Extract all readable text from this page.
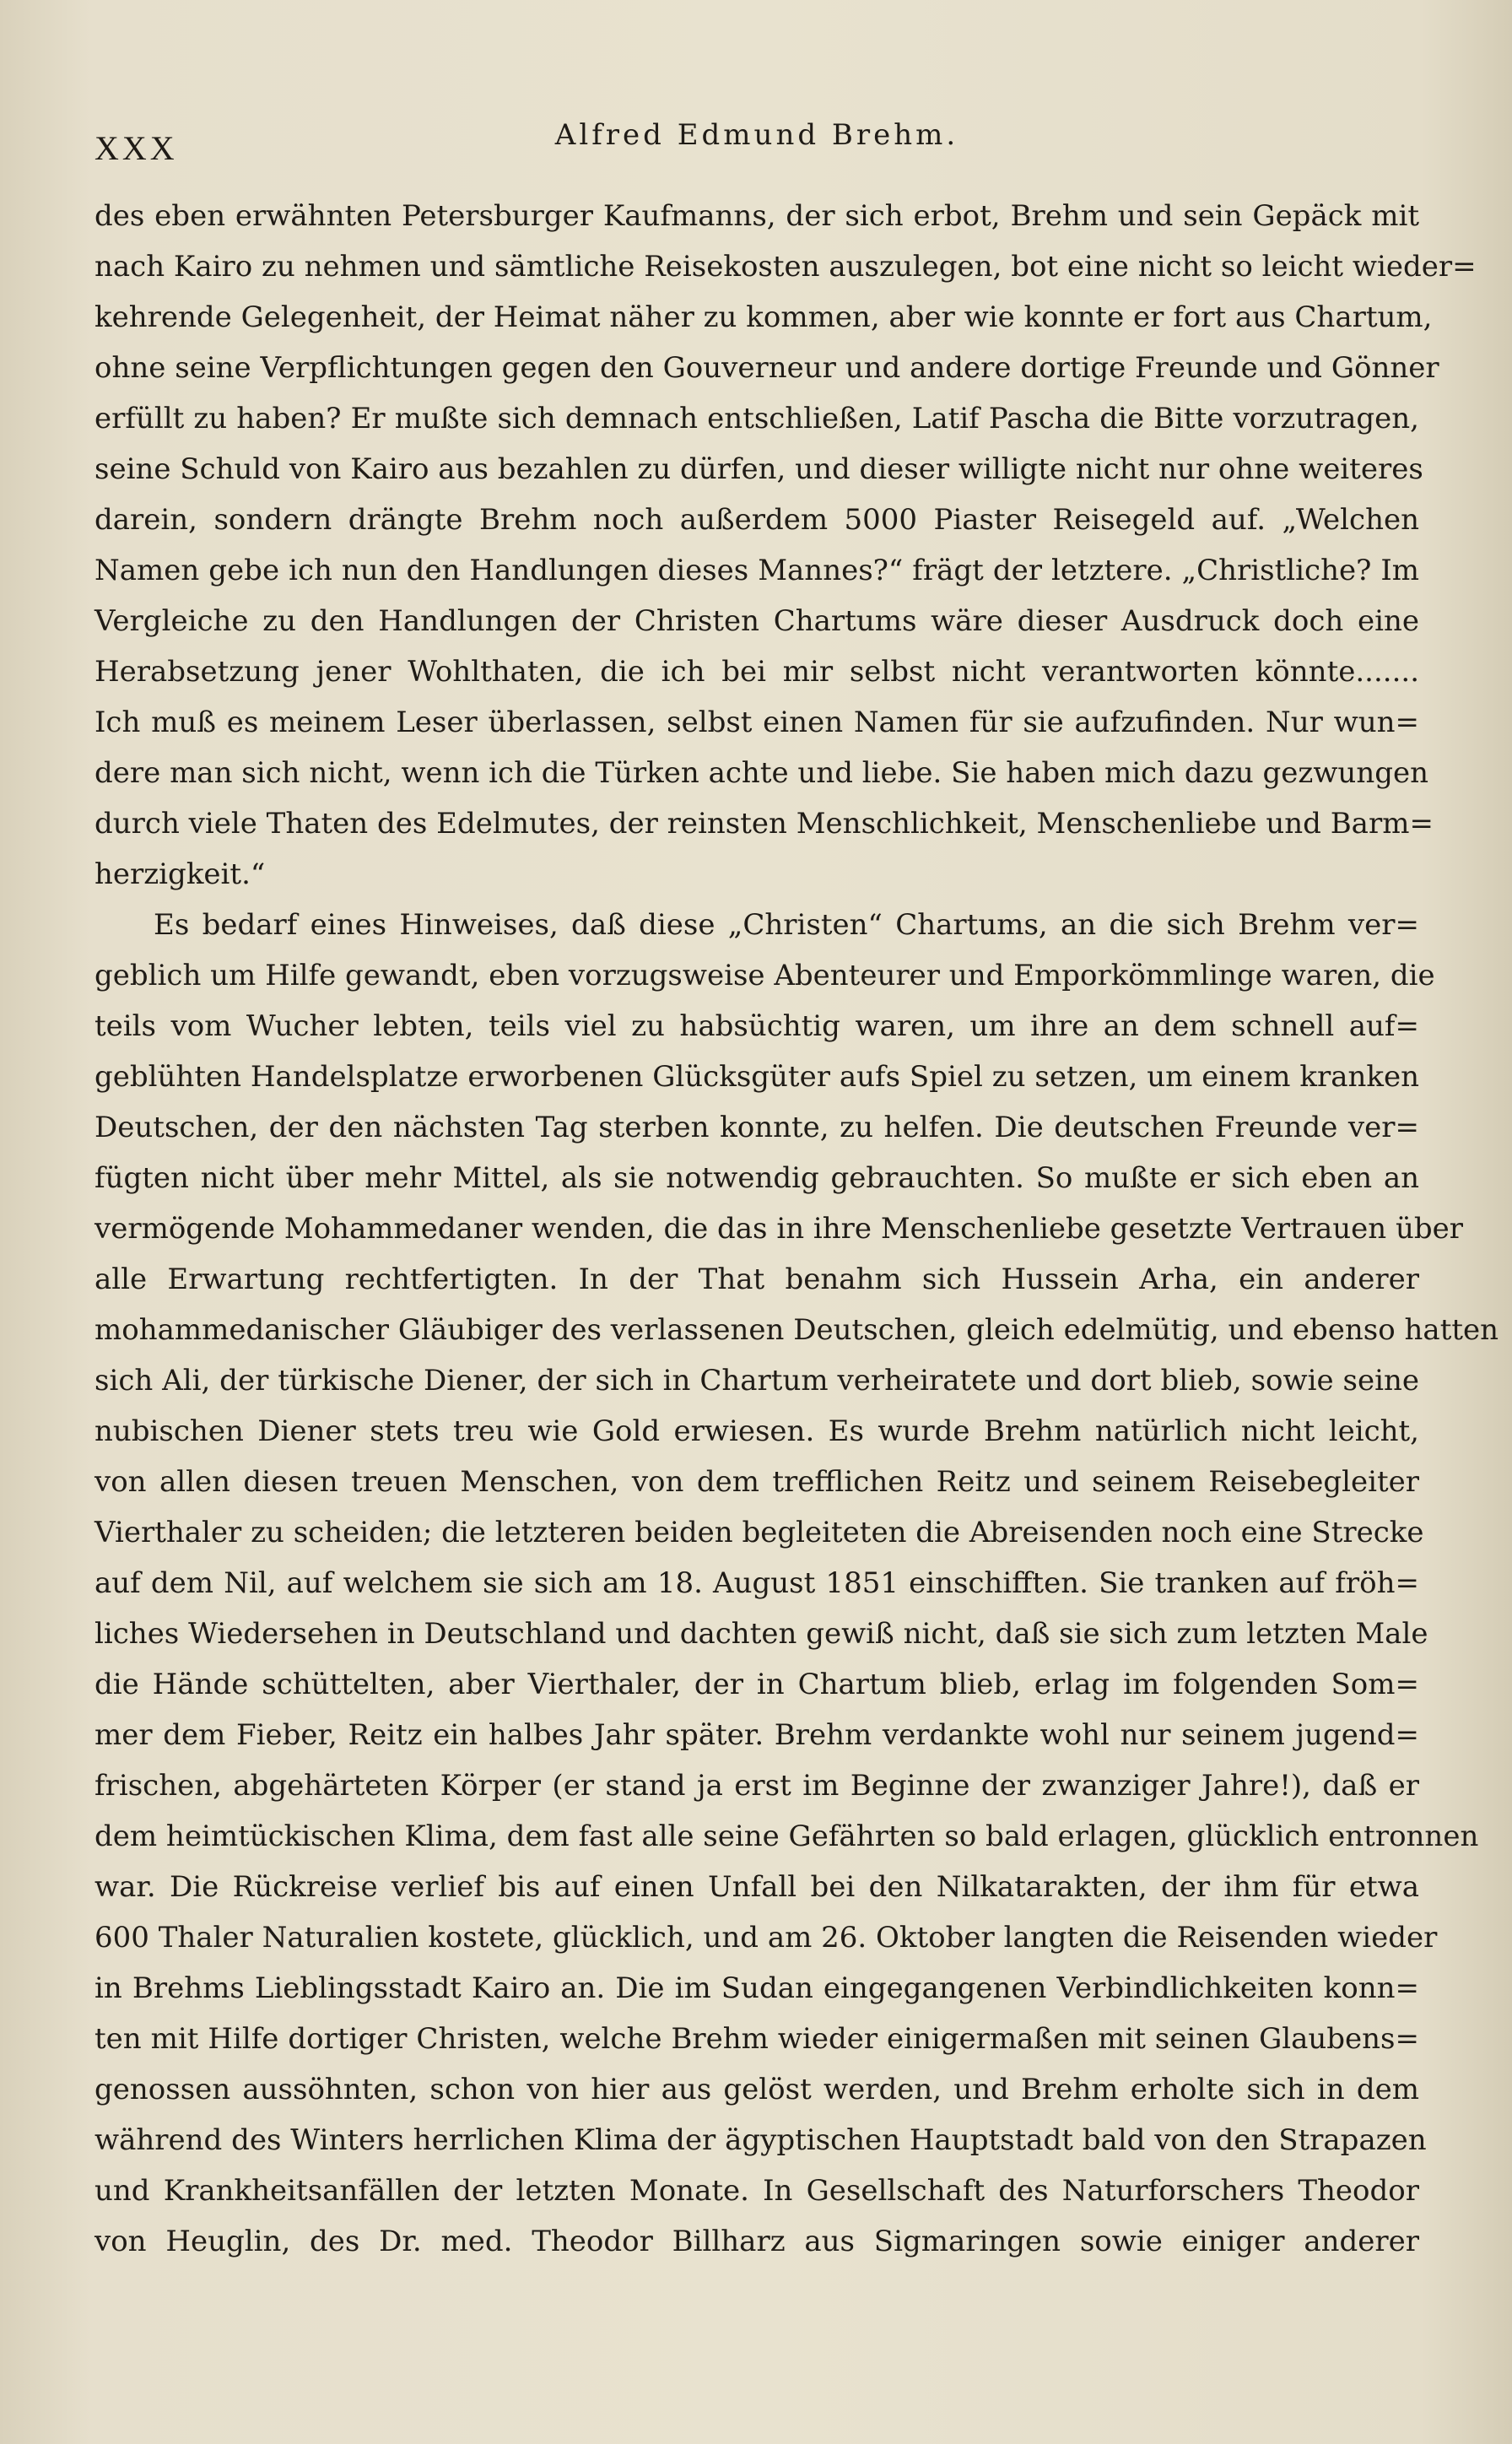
XXX	Alfred Edmund Brehm.
des eben erwähnten Petersburger Kaufmanns, der sich erbot, Brehm und sein Gepäck mit
nach Kairo zu nehmen und sämtliche Reisekosten auszulegen, bot eine nicht so leicht wieder=
kehrende Gelegenheit, der Heimat näher zu kommen, aber wie konnte er fort aus Chartum,
ohne seine Verpflichtungen gegen den Gouverneur und andere dortige Freunde und Gönner
erfüllt zu haben? Er mußte sich demnach entschließen, Latif Pascha die Bitte vorzutragen,
seine Schuld von Kairo aus bezahlen zu dürfen, und dieser willigte nicht nur ohne weiteres
darein, sondern drängte Brehm noch außerdem 5000 Piaster Reisegeld auf. „Welchen
Namen gebe ich nun den Handlungen dieses Mannes?“ frägt der letztere. „Christliche? Im
Vergleiche zu den Handlungen der Christen Chartums wäre dieser Ausdruck doch eine
Herabsetzung jener Wohlthaten, die ich bei mir selbst nicht verantworten könnte.......
Ich muß es meinem Leser überlassen, selbst einen Namen für sie aufzufinden. Nur wun=
dere man sich nicht, wenn ich die Türken achte und liebe. Sie haben mich dazu gezwungen
durch viele Thaten des Edelmutes, der reinsten Menschlichkeit, Menschenliebe und Barm=
herzigkeit.“
Es bedarf eines Hinweises, daß diese „Christen“ Chartums, an die sich Brehm ver=
geblich um Hilfe gewandt, eben vorzugsweise Abenteurer und Emporkömmlinge waren, die
teils vom Wucher lebten, teils viel zu habsüchtig waren, um ihre an dem schnell auf=
geblühten Handelsplatze erworbenen Glücksgüter aufs Spiel zu setzen, um einem kranken
Deutschen, der den nächsten Tag sterben konnte, zu helfen. Die deutschen Freunde ver=
fügten nicht über mehr Mittel, als sie notwendig gebrauchten. So mußte er sich eben an
vermögende Mohammedaner wenden, die das in ihre Menschenliebe gesetzte Vertrauen über
alle Erwartung rechtfertigten. In der That benahm sich Hussein Arha, ein anderer
mohammedanischer Gläubiger des verlassenen Deutschen, gleich edelmütig, und ebenso hatten
sich Ali, der türkische Diener, der sich in Chartum verheiratete und dort blieb, sowie seine
nubischen Diener stets treu wie Gold erwiesen. Es wurde Brehm natürlich nicht leicht,
von allen diesen treuen Menschen, von dem trefflichen Reitz und seinem Reisebegleiter
Vierthaler zu scheiden; die letzteren beiden begleiteten die Abreisenden noch eine Strecke
auf dem Nil, auf welchem sie sich am 18. August 1851 einschifften. Sie tranken auf fröh=
liches Wiedersehen in Deutschland und dachten gewiß nicht, daß sie sich zum letzten Male
die Hände schüttelten, aber Vierthaler, der in Chartum blieb, erlag im folgenden Som=
mer dem Fieber, Reitz ein halbes Jahr später. Brehm verdankte wohl nur seinem jugend=
frischen, abgehärteten Körper (er stand ja erst im Beginne der zwanziger Jahre!), daß er
dem heimtückischen Klima, dem fast alle seine Gefährten so bald erlagen, glücklich entronnen
war. Die Rückreise verlief bis auf einen Unfall bei den Nilkatarakten, der ihm für etwa
600 Thaler Naturalien kostete, glücklich, und am 26. Oktober langten die Reisenden wieder
in Brehms Lieblingsstadt Kairo an. Die im Sudan eingegangenen Verbindlichkeiten konn=
ten mit Hilfe dortiger Christen, welche Brehm wieder einigermaßen mit seinen Glaubens=
genossen aussöhnten, schon von hier aus gelöst werden, und Brehm erholte sich in dem
während des Winters herrlichen Klima der ägyptischen Hauptstadt bald von den Strapazen
und Krankheitsanfällen der letzten Monate. In Gesellschaft des Naturforschers Theodor
von Heuglin, des Dr. med. Theodor Billharz aus Sigmaringen sowie einiger anderer
